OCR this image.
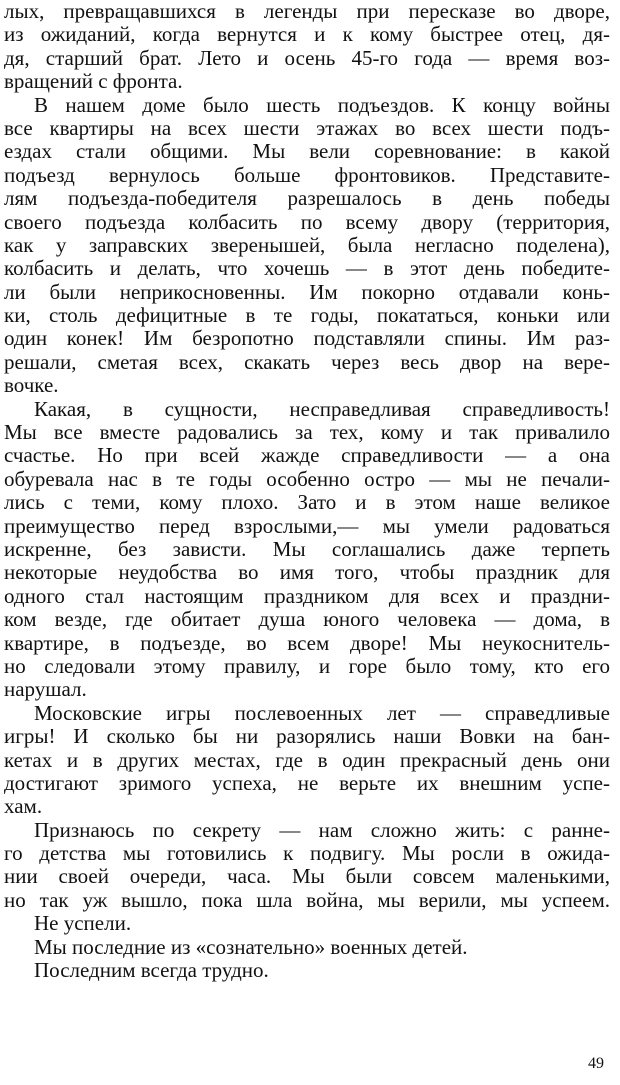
лых, превращавшихся в легенды при пересказе во дворе,
из ожиданий, когда вернутся и к кому быстрее отец, дя-
дя, старший брат. Лето и осень 45-го года — время воз-
вращений с фронта.
В нашем доме было шесть подъездов. К концу войны
все квартиры на всех шести этажах во всех шести подъ-
ездах стали общими. Мы вели соревнование: в какой
подъезд вернулось больше фронтовиков. Представите-
лям подъезда-победителя разрешалось в день победы
своего подъезда колбасить по всему двору (территория,
как у заправских зверенышей, была негласно поделена),
колбасить и делать, что хочешь — в этот день победите-
ли были неприкосновенны. Им покорно отдавали конь-
ки, столь дефицитные в те годы, покататься, коньки или
один конек! Им безропотно подставляли спины. Им раз-
решали, сметая всех, скакать через весь двор на вере-
вочке.
Какая, в сущности, несправедливая справедливость!
Мы все вместе радовались за тех, кому и так привалило
счастье. Но при всей жажде справедливости — а она
обуревала нас в те годы особенно остро — мы не печали-
лись с теми, кому плохо. Зато и в этом наше великое
преимущество перед взрослыми,— мы умели радоваться
искренне, без зависти. Мы соглашались даже терпеть
некоторые неудобства во имя того, чтобы праздник для
одного стал настоящим праздником для всех и праздни-
ком везде, где обитает душа юного человека — дома, в
квартире, в подъезде, во всем дворе! Мы неукоснитель-
но следовали этому правилу, и горе было тому, кто его
нарушал.
Московские игры послевоенных лет — справедливые
игры! И сколько бы ни разорялись наши Вовки на бан-
кетах и в других местах, где в один прекрасный день они
достигают зримого успеха, не верьте их внешним успе-
хам.
Признаюсь по секрету — нам сложно жить: с ранне-
го детства мы готовились к подвигу. Мы росли в ожида-
нии своей очереди, часа. Мы были совсем маленькими,
но так уж вышло, пока шла война, мы верили, мы успеем.
Не успели.
Мы последние из «сознательно» военных детей.
Последним всегда трудно.
49
